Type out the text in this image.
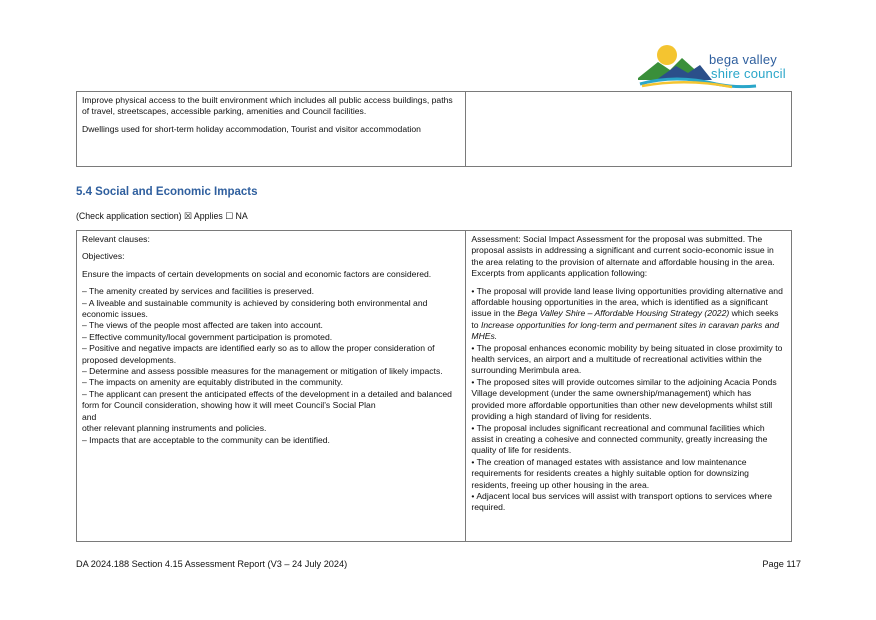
bega valley
shire council
Improve physical access to the built environment which includes all public access buildings, paths of travel, streetscapes, accessible parking, amenities and Council facilities.
Dwellings used for short-term holiday accommodation, Tourist and visitor accommodation

5.4 Social and Economic Impacts
(Check application section) ☒ Applies ☐ NA
Relevant clauses:
Objectives:
Ensure the impacts of certain developments on social and economic factors are considered.
– The amenity created by services and facilities is preserved.
– A liveable and sustainable community is achieved by considering both environmental and economic issues.
– The views of the people most affected are taken into account.
– Effective community/local government participation is promoted.
– Positive and negative impacts are identified early so as to allow the proper consideration of proposed developments.
– Determine and assess possible measures for the management or mitigation of likely impacts.
– The impacts on amenity are equitably distributed in the community.
– The applicant can present the anticipated effects of the development in a detailed and balanced form for Council consideration, showing how it will meet Council’s Social Plan
and
other relevant planning instruments and policies.
– Impacts that are acceptable to the community can be identified.

Assessment: Social Impact Assessment for the proposal was submitted. The proposal assists in addressing a significant and current socio-economic issue in the area relating to the provision of alternate and affordable housing in the area. Excerpts from applicants application following:
• The proposal will provide land lease living opportunities providing alternative and affordable housing opportunities in the area, which is identified as a significant issue in the Bega Valley Shire – Affordable Housing Strategy (2022) which seeks to Increase opportunities for long-term and permanent sites in caravan parks and MHEs.
• The proposal enhances economic mobility by being situated in close proximity to health services, an airport and a multitude of recreational activities within the surrounding Merimbula area.
• The proposed sites will provide outcomes similar to the adjoining Acacia Ponds Village development (under the same ownership/management) which has provided more affordable opportunities than other new developments whilst still providing a high standard of living for residents.
• The proposal includes significant recreational and communal facilities which assist in creating a cohesive and connected community, greatly increasing the quality of life for residents.
• The creation of managed estates with assistance and low maintenance requirements for residents creates a highly suitable option for downsizing residents, freeing up other housing in the area.
• Adjacent local bus services will assist with transport options to services where required.
DA 2024.188 Section 4.15 Assessment Report (V3 – 24 July 2024)	Page 117
